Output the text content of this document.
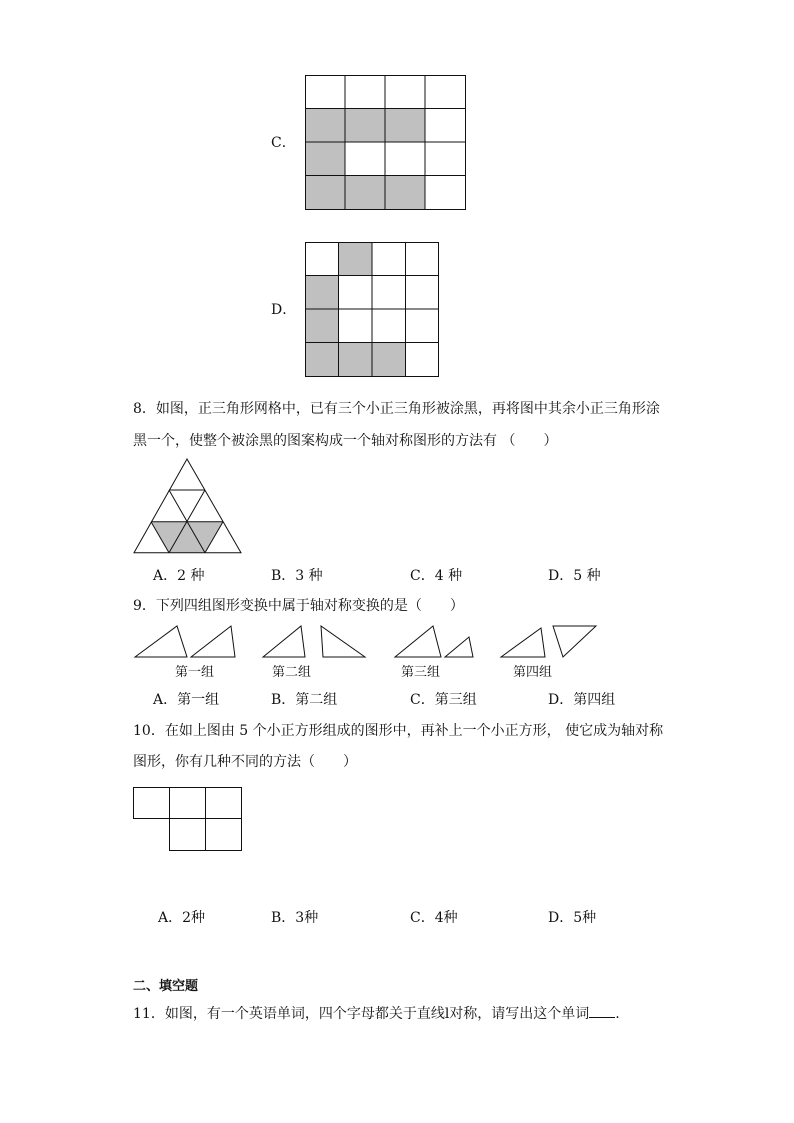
C．
D．
8．如图，正三角形网格中，已有三个小正三角形被涂黑，再将图中其余小正三角形涂
黑一个，使整个被涂黑的图案构成一个轴对称图形的方法有 （　　）
A．2 种	B．3 种	C．4 种	D．5 种
9．下列四组图形变换中属于轴对称变换的是（　　）
第一组	第二组	第三组	第四组
A．第一组	B．第二组	C．第三组	D．第四组
10．在如上图由 5 个小正方形组成的图形中，再补上一个小正方形， 使它成为轴对称
图形，你有几种不同的方法（　　）
A．2种	B．3种	C．4种	D．5种
二、填空题
11．如图，有一个英语单词，四个字母都关于直线l对称，请写出这个单词 .
